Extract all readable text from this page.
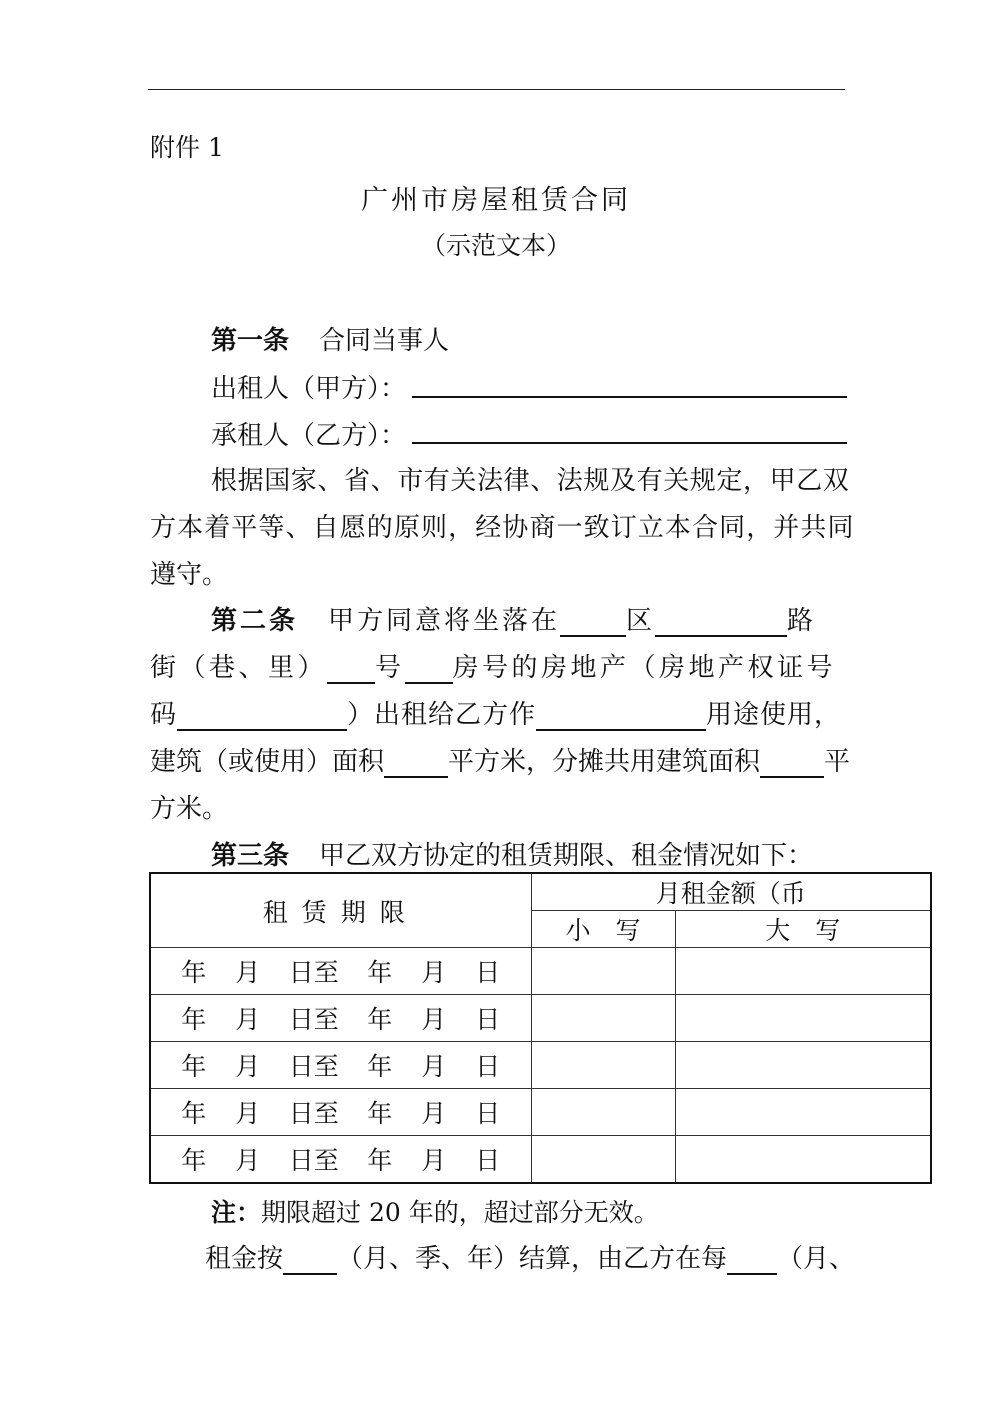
附件 1
广州市房屋租赁合同
（示范文本）
第一条 合同当事人
出租人（甲方）：
承租人（乙方）：
根据国家、省、市有关法律、法规及有关规定，甲乙双
方本着平等、自愿的原则，经协商一致订立本合同，并共同
遵守。
第二条 甲方同意将坐落在	区	路
街（巷、里） 号 房号的房地产（房地产权证号
码	）出租给乙方作	用途使用，
建筑（或使用）面积 平方米，分摊共用建筑面积 平
方米。
第三条 甲乙双方协定的租赁期限、租金情况如下：
租赁期限	月租金额（币	
	小　写	大　写
年 月 日至 年 月 日		
年 月 日至 年 月 日		
年 月 日至 年 月 日		
年 月 日至 年 月 日		
年 月 日至 年 月 日		
注：期限超过 20 年的，超过部分无效。
租金按 （月、季、年）结算，由乙方在每 （月、
